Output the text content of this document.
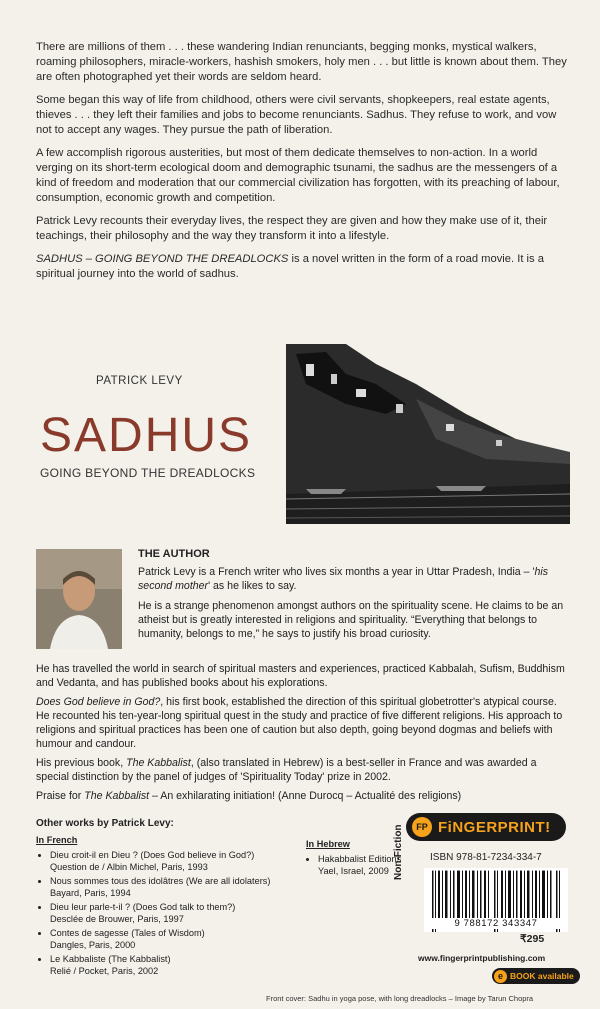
There are millions of them . . . these wandering Indian renunciants, begging monks, mystical walkers, roaming philosophers, miracle-workers, hashish smokers, holy men . . . but little is known about them. They are often photographed yet their words are seldom heard.

Some began this way of life from childhood, others were civil servants, shopkeepers, real estate agents, thieves . . . they left their families and jobs to become renunciants. Sadhus. They refuse to work, and vow not to accept any wages. They pursue the path of liberation.

A few accomplish rigorous austerities, but most of them dedicate themselves to non-action. In a world verging on its short-term ecological doom and demographic tsunami, the sadhus are the messengers of a kind of freedom and moderation that our commercial civilization has forgotten, with its preaching of labour, consumption, economic growth and competition.

Patrick Levy recounts their everyday lives, the respect they are given and how they make use of it, their teachings, their philosophy and the way they transform it into a lifestyle.

SADHUS – GOING BEYOND THE DREADLOCKS is a novel written in the form of a road movie. It is a spiritual journey into the world of sadhus.

PATRICK LEVY
SADHUS
GOING BEYOND THE DREADLOCKS
THE AUTHOR

Patrick Levy is a French writer who lives six months a year in Uttar Pradesh, India – 'his second mother' as he likes to say.

He is a strange phenomenon amongst authors on the spirituality scene. He claims to be an atheist but is greatly interested in religions and spirituality. “Everything that belongs to humanity, belongs to me,” he says to justify his broad curiosity.

He has travelled the world in search of spiritual masters and experiences, practiced Kabbalah, Sufism, Buddhism and Vedanta, and has published books about his explorations.

Does God believe in God?, his first book, established the direction of this spiritual globetrotter's atypical course. He recounted his ten-year-long spiritual quest in the study and practice of five different religions. His approach to religions and spiritual practices has been one of caution but also depth, going beyond dogmas and beliefs with humour and candour.

His previous book, The Kabbalist, (also translated in Hebrew) is a best-seller in France and was awarded a special distinction by the panel of judges of 'Spirituality Today' prize in 2002.

Praise for The Kabbalist – An exhilarating initiation! (Anne Durocq – Actualité des religions)

Other works by Patrick Levy:
In French
• Dieu croit-il en Dieu ? (Does God believe in God?)
Question de / Albin Michel, Paris, 1993
• Nous sommes tous des idolâtres (We are all idolaters)
Bayard, Paris, 1994
• Dieu leur parle-t-il ? (Does God talk to them?)
Desclée de Brouwer, Paris, 1997
• Contes de sagesse (Tales of Wisdom)
Dangles, Paris, 2000
• Le Kabbaliste (The Kabbalist)
Relié / Pocket, Paris, 2002
In Hebrew
• Hakabbalist Editions Yael, Israel, 2009
FP FiNGERPRINT!
Non-Fiction	ISBN 978-81-7234-334-7
9 788172 343347
₹295
www.fingerprintpublishing.com
e BOOK available
Front cover: Sadhu in yoga pose, with long dreadlocks – Image by Tarun Chopra
